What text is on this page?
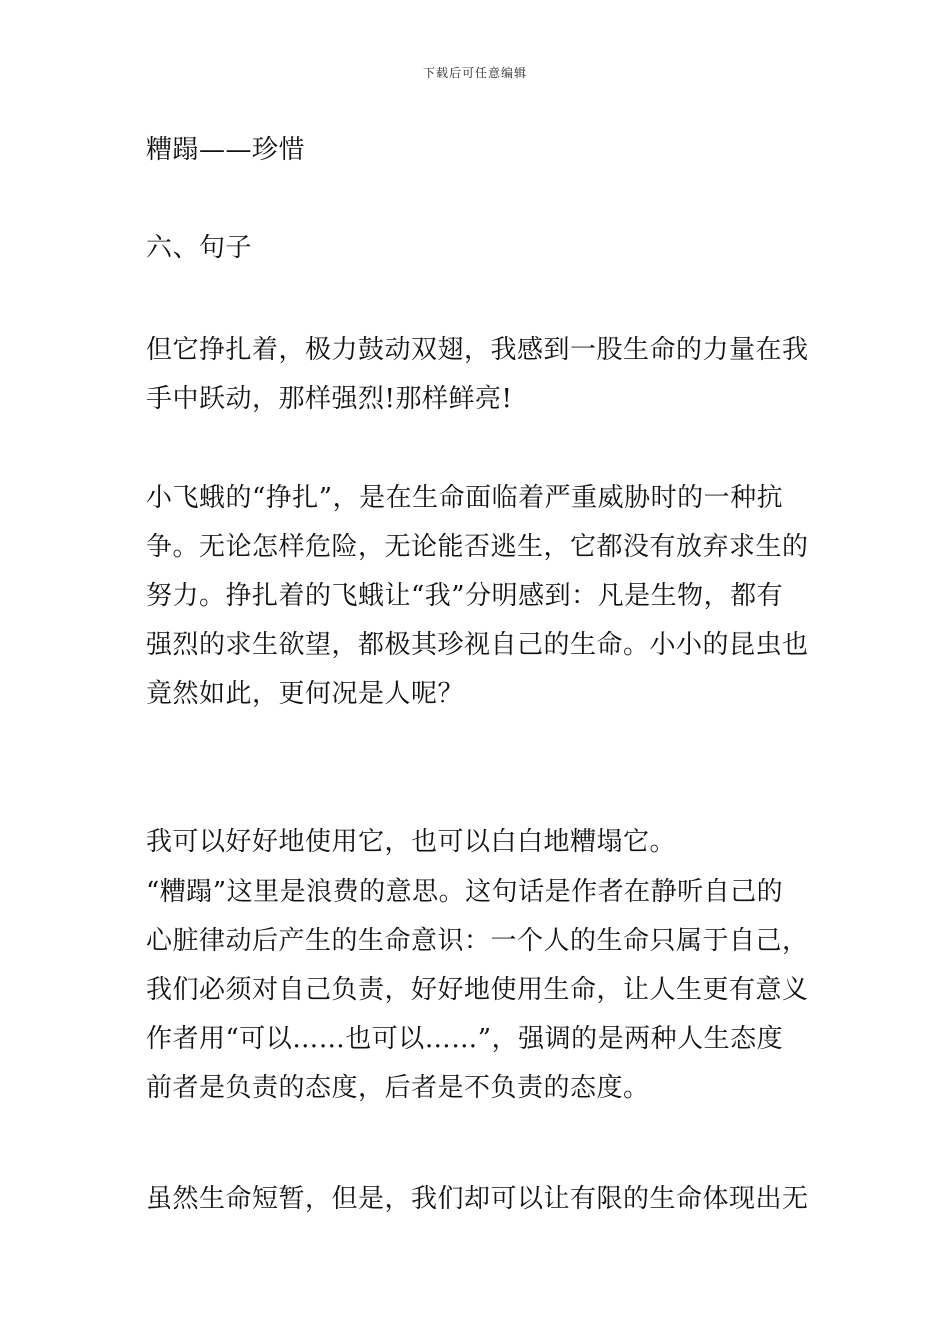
下载后可任意编辑
糟蹋——珍惜
六、句子
但它挣扎着，极力鼓动双翅，我感到一股生命的力量在我
手中跃动，那样强烈!那样鲜亮!
小飞蛾的“挣扎”，是在生命面临着严重威胁时的一种抗
争。无论怎样危险，无论能否逃生，它都没有放弃求生的
努力。挣扎着的飞蛾让“我”分明感到：凡是生物，都有
强烈的求生欲望，都极其珍视自己的生命。小小的昆虫也
竟然如此，更何况是人呢？
我可以好好地使用它，也可以白白地糟塌它。
“糟蹋”这里是浪费的意思。这句话是作者在静听自己的
心脏律动后产生的生命意识：一个人的生命只属于自己，
我们必须对自己负责，好好地使用生命，让人生更有意义
作者用“可以……也可以……”，强调的是两种人生态度
前者是负责的态度，后者是不负责的态度。
虽然生命短暂，但是，我们却可以让有限的生命体现出无
